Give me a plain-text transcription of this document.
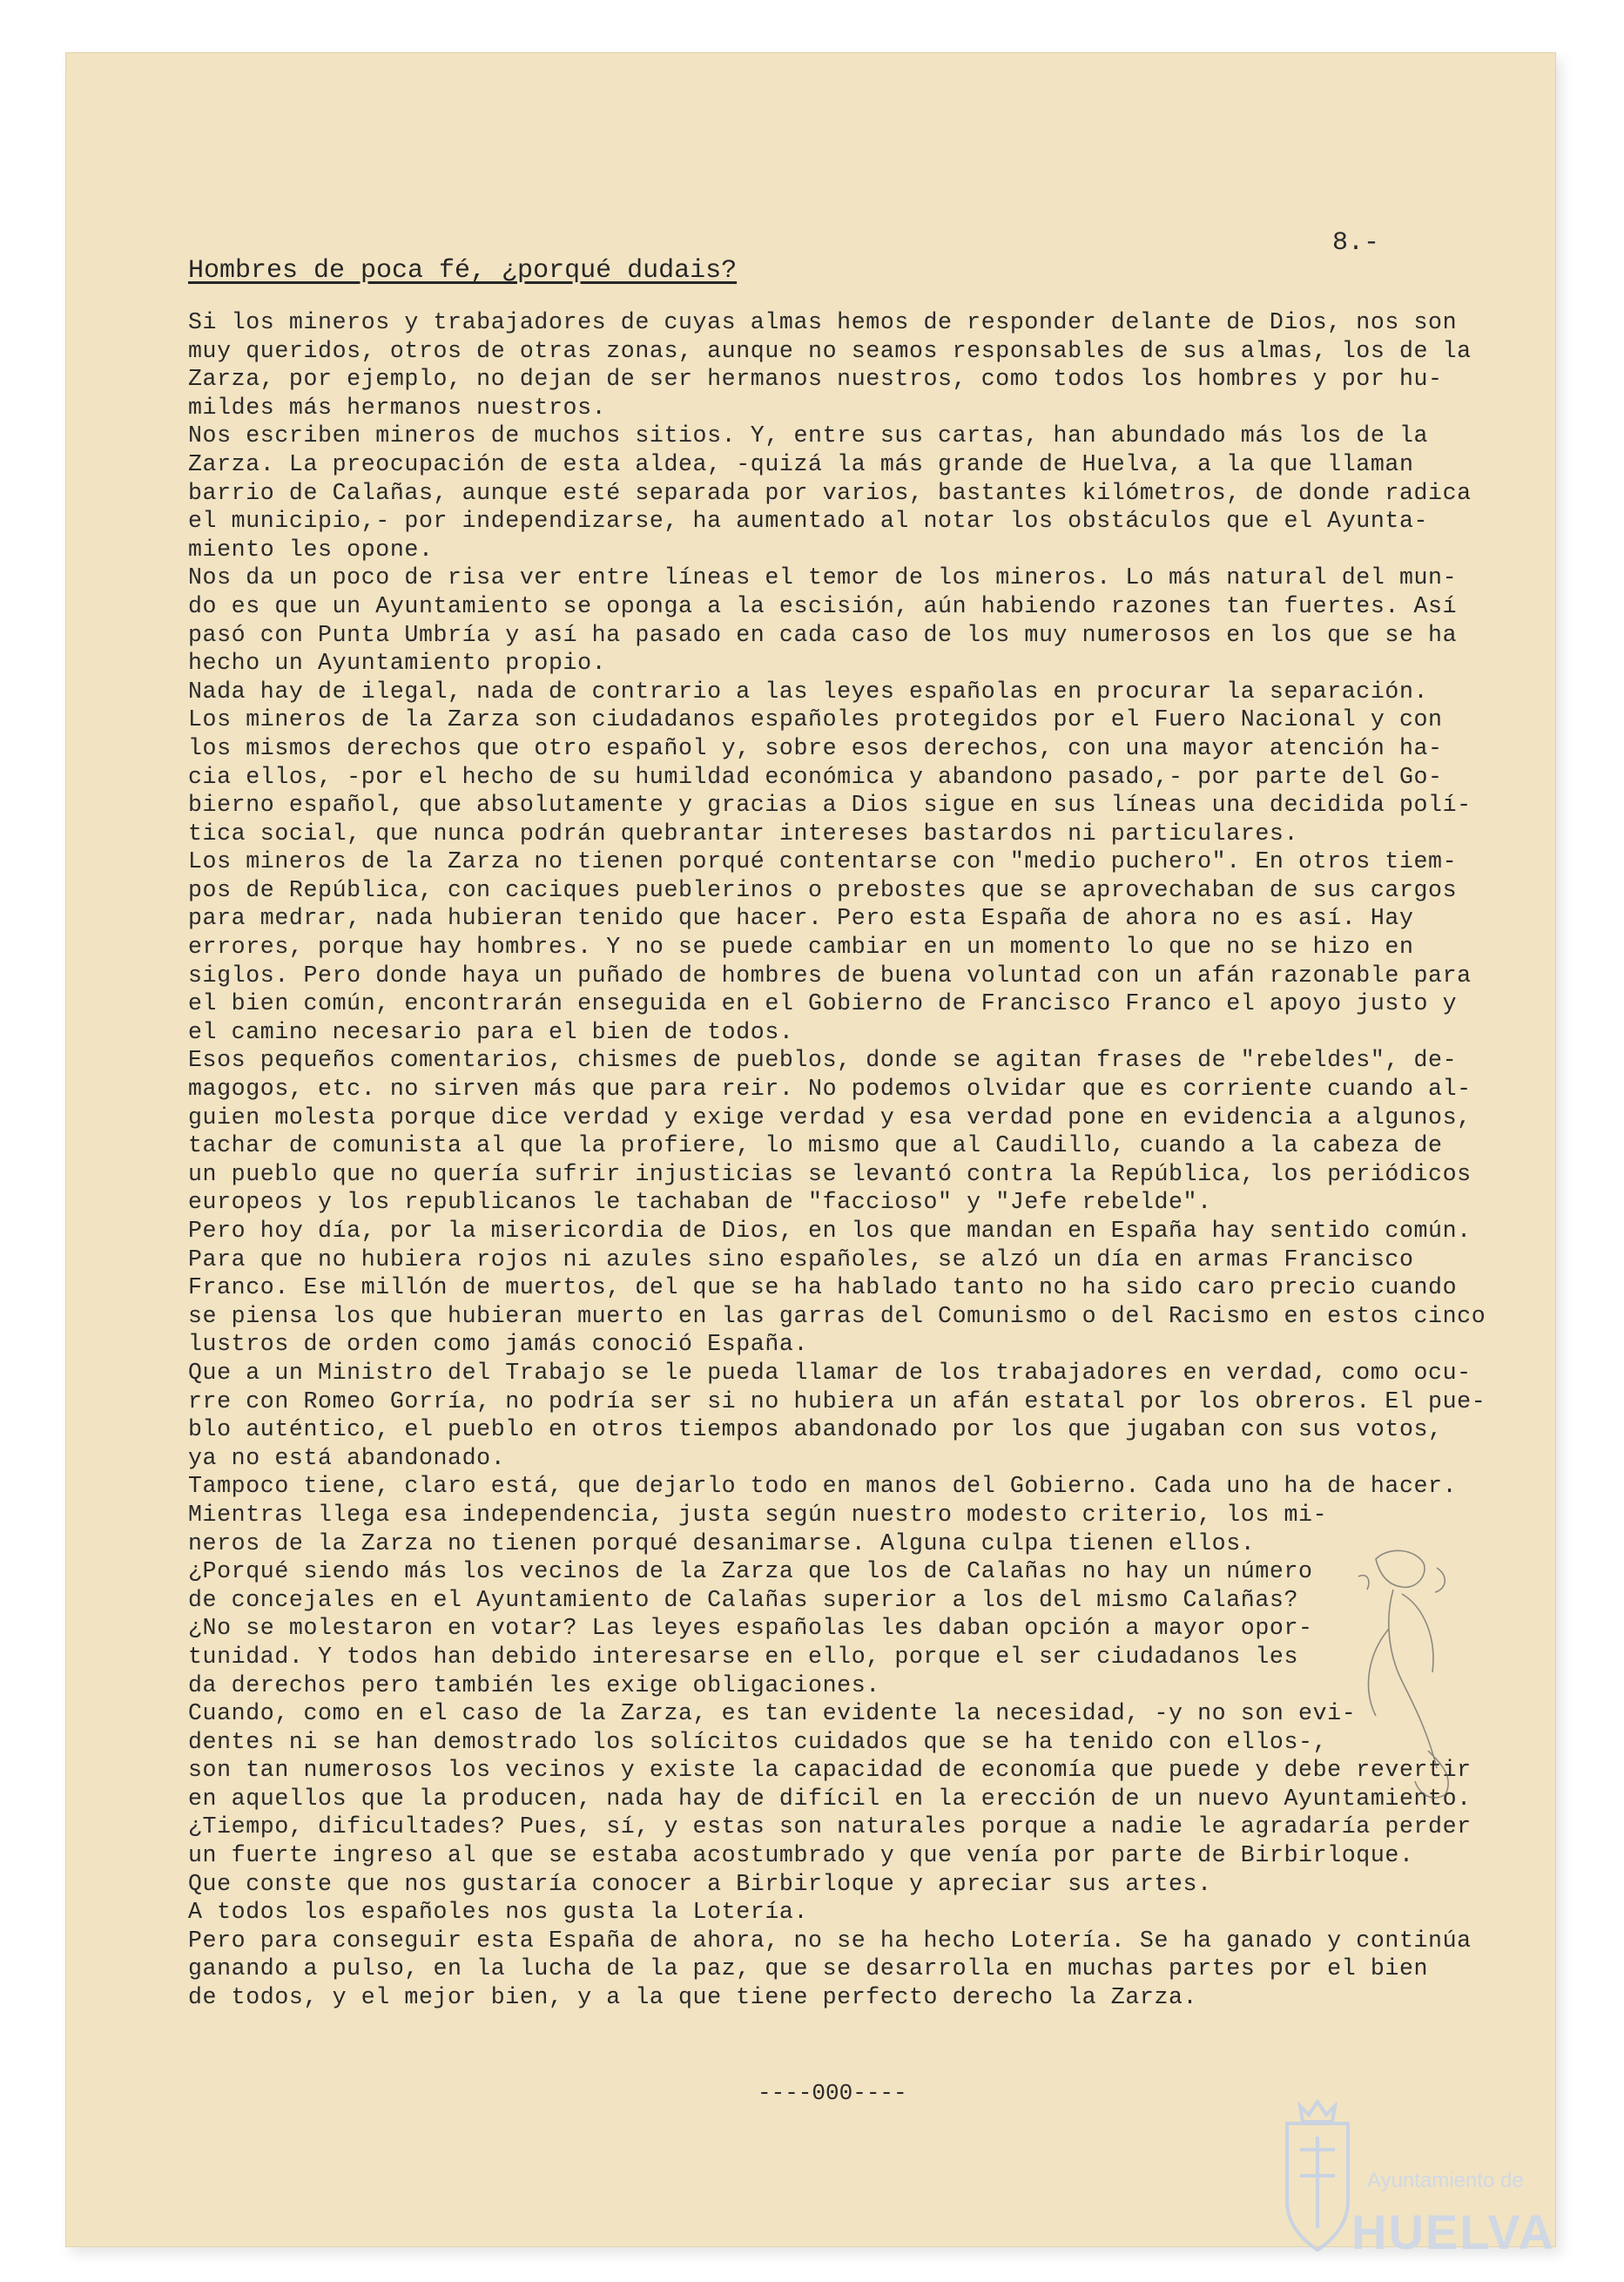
8.-
Hombres de poca fé, ¿porqué dudais?
Si los mineros y trabajadores de cuyas almas hemos de responder delante de Dios, nos son
muy queridos, otros de otras zonas, aunque no seamos responsables de sus almas, los de la
Zarza, por ejemplo, no dejan de ser hermanos nuestros, como todos los hombres y por hu-
mildes más hermanos nuestros.
Nos escriben mineros de muchos sitios. Y, entre sus cartas, han abundado más los de la
Zarza. La preocupación de esta aldea, -quizá la más grande de Huelva, a la que llaman
barrio de Calañas, aunque esté separada por varios, bastantes kilómetros, de donde radica
el municipio,- por independizarse, ha aumentado al notar los obstáculos que el Ayunta-
miento les opone.
Nos da un poco de risa ver entre líneas el temor de los mineros. Lo más natural del mun-
do es que un Ayuntamiento se oponga a la escisión, aún habiendo razones tan fuertes. Así
pasó con Punta Umbría y así ha pasado en cada caso de los muy numerosos en los que se ha
hecho un Ayuntamiento propio.
Nada hay de ilegal, nada de contrario a las leyes españolas en procurar la separación.
Los mineros de la Zarza son ciudadanos españoles protegidos por el Fuero Nacional y con
los mismos derechos que otro español y, sobre esos derechos, con una mayor atención ha-
cia ellos, -por el hecho de su humildad económica y abandono pasado,- por parte del Go-
bierno español, que absolutamente y gracias a Dios sigue en sus líneas una decidida polí-
tica social, que nunca podrán quebrantar intereses bastardos ni particulares.
Los mineros de la Zarza no tienen porqué contentarse con "medio puchero". En otros tiem-
pos de República, con caciques pueblerinos o prebostes que se aprovechaban de sus cargos
para medrar, nada hubieran tenido que hacer. Pero esta España de ahora no es así. Hay
errores, porque hay hombres. Y no se puede cambiar en un momento lo que no se hizo en
siglos. Pero donde haya un puñado de hombres de buena voluntad con un afán razonable para
el bien común, encontrarán enseguida en el Gobierno de Francisco Franco el apoyo justo y
el camino necesario para el bien de todos.
Esos pequeños comentarios, chismes de pueblos, donde se agitan frases de "rebeldes", de-
magogos, etc. no sirven más que para reir. No podemos olvidar que es corriente cuando al-
guien molesta porque dice verdad y exige verdad y esa verdad pone en evidencia a algunos,
tachar de comunista al que la profiere, lo mismo que al Caudillo, cuando a la cabeza de
un pueblo que no quería sufrir injusticias se levantó contra la República, los periódicos
europeos y los republicanos le tachaban de "faccioso" y "Jefe rebelde".
Pero hoy día, por la misericordia de Dios, en los que mandan en España hay sentido común.
Para que no hubiera rojos ni azules sino españoles, se alzó un día en armas Francisco
Franco. Ese millón de muertos, del que se ha hablado tanto no ha sido caro precio cuando
se piensa los que hubieran muerto en las garras del Comunismo o del Racismo en estos cinco
lustros de orden como jamás conoció España.
Que a un Ministro del Trabajo se le pueda llamar de los trabajadores en verdad, como ocu-
rre con Romeo Gorría, no podría ser si no hubiera un afán estatal por los obreros. El pue-
blo auténtico, el pueblo en otros tiempos abandonado por los que jugaban con sus votos,
ya no está abandonado.
Tampoco tiene, claro está, que dejarlo todo en manos del Gobierno. Cada uno ha de hacer.
Mientras llega esa independencia, justa según nuestro modesto criterio, los mi-
neros de la Zarza no tienen porqué desanimarse. Alguna culpa tienen ellos.
¿Porqué siendo más los vecinos de la Zarza que los de Calañas no hay un número
de concejales en el Ayuntamiento de Calañas superior a los del mismo Calañas?
¿No se molestaron en votar? Las leyes españolas les daban opción a mayor opor-
tunidad. Y todos han debido interesarse en ello, porque el ser ciudadanos les
da derechos pero también les exige obligaciones.
Cuando, como en el caso de la Zarza, es tan evidente la necesidad, -y no son evi-
dentes ni se han demostrado los solícitos cuidados que se ha tenido con ellos-,
son tan numerosos los vecinos y existe la capacidad de economía que puede y debe revertir
en aquellos que la producen, nada hay de difícil en la erección de un nuevo Ayuntamiento.
¿Tiempo, dificultades? Pues, sí, y estas son naturales porque a nadie le agradaría perder
un fuerte ingreso al que se estaba acostumbrado y que venía por parte de Birbirloque.
Que conste que nos gustaría conocer a Birbirloque y apreciar sus artes.
A todos los españoles nos gusta la Lotería.
Pero para conseguir esta España de ahora, no se ha hecho Lotería. Se ha ganado y continúa
ganando a pulso, en la lucha de la paz, que se desarrolla en muchas partes por el bien
de todos, y el mejor bien, y a la que tiene perfecto derecho la Zarza.
----000----
Ayuntamiento de
HUELVA
